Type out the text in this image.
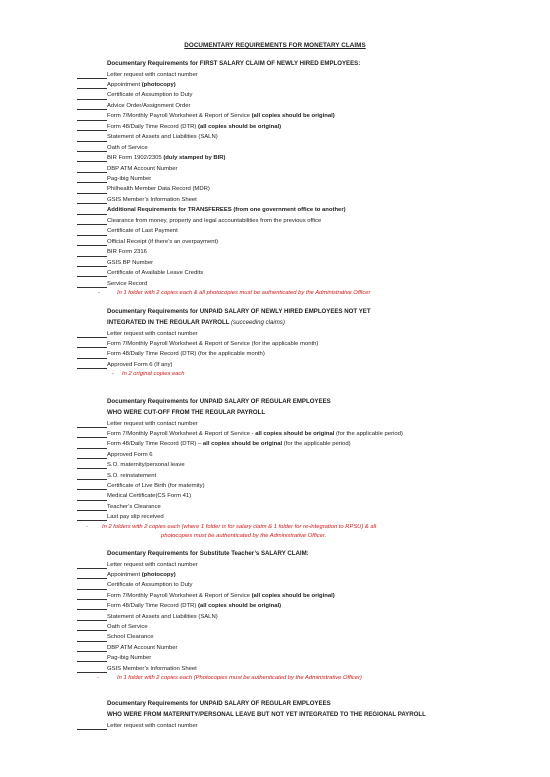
DOCUMENTARY REQUIREMENTS FOR MONETARY CLAIMS
Documentary Requirements for FIRST SALARY CLAIM OF NEWLY HIRED EMPLOYEES:
Letter request with contact number
Appointment (photocopy)
Certificate of Assumption to Duty
Advice Order/Assignment Order
Form 7/Monthly Payroll Worksheet & Report of Service (all copies should be original)
Form 48/Daily Time Record (DTR) (all copies should be original)
Statement of Assets and Liabilities (SALN)
Oath of Service
BIR Form 1902/2305 (duly stamped by BIR)
DBP ATM Account Number
Pag-ibig Number
Philhealth Member Data Record (MDR)
GSIS Member’s Information Sheet
Additional Requirements for TRANSFEREES (from one government office to another)
Clearance from money, property and legal accountabilities from the previous office
Certificate of Last Payment
Official Receipt (if there’s an overpayment)
BIR Form 2316
GSIS BP Number
Certificate of Available Leave Credits
Service Record
-	In 1 folder with 2 copies each & all photocopies must be authenticated by the Administrative Officer
Documentary Requirements for UNPAID SALARY OF NEWLY HIRED EMPLOYEES NOT YET
INTEGRATED IN THE REGULAR PAYROLL (succeeding claims)
Letter request with contact number
Form 7/Monthly Payroll Worksheet & Report of Service (for the applicable month)
Form 48/Daily Time Record (DTR) (for the applicable month)
Approved Form 6 (If any)
- In 2 original copies each
Documentary Requirements for UNPAID SALARY OF REGULAR EMPLOYEES
WHO WERE CUT-OFF FROM THE REGULAR PAYROLL
Letter request with contact number
Form 7/Monthly Payroll Worksheet & Report of Service - all copies should be original (for the applicable period)
Form 48/Daily Time Record (DTR) – all copies should be original (for the applicable period)
Approved Form 6
S.O. maternity/personal leave
S.O. reinstatement
Certificate of Live Birth (for maternity)
Medical Certificate(CS Form 41)
Teacher’s Clearance
Last pay slip received
- In 2 folders with 2 copies each (where 1 folder is for salary claim & 1 folder for re-integration to RPSU) & all
photocopies must be authenticated by the Administrative Officer.
Documentary Requirements for Substitute Teacher’s SALARY CLAIM:
Letter request with contact number
Appointment (photocopy)
Certificate of Assumption to Duty
Form 7/Monthly Payroll Worksheet & Report of Service (all copies should be original)
Form 48/Daily Time Record (DTR) (all copies should be original)
Statement of Assets and Liabilities (SALN)
Oath of Service
School Clearance
DBP ATM Account Number
Pag-ibig Number
GSIS Member’s Information Sheet
-	In 1 folder with 2 copies each (Photocopies must be authenticated by the Administrative Officer)
Documentary Requirements for UNPAID SALARY OF REGULAR EMPLOYEES
WHO WERE FROM MATERNITY/PERSONAL LEAVE BUT NOT YET INTEGRATED TO THE REGIONAL PAYROLL
Letter request with contact number
